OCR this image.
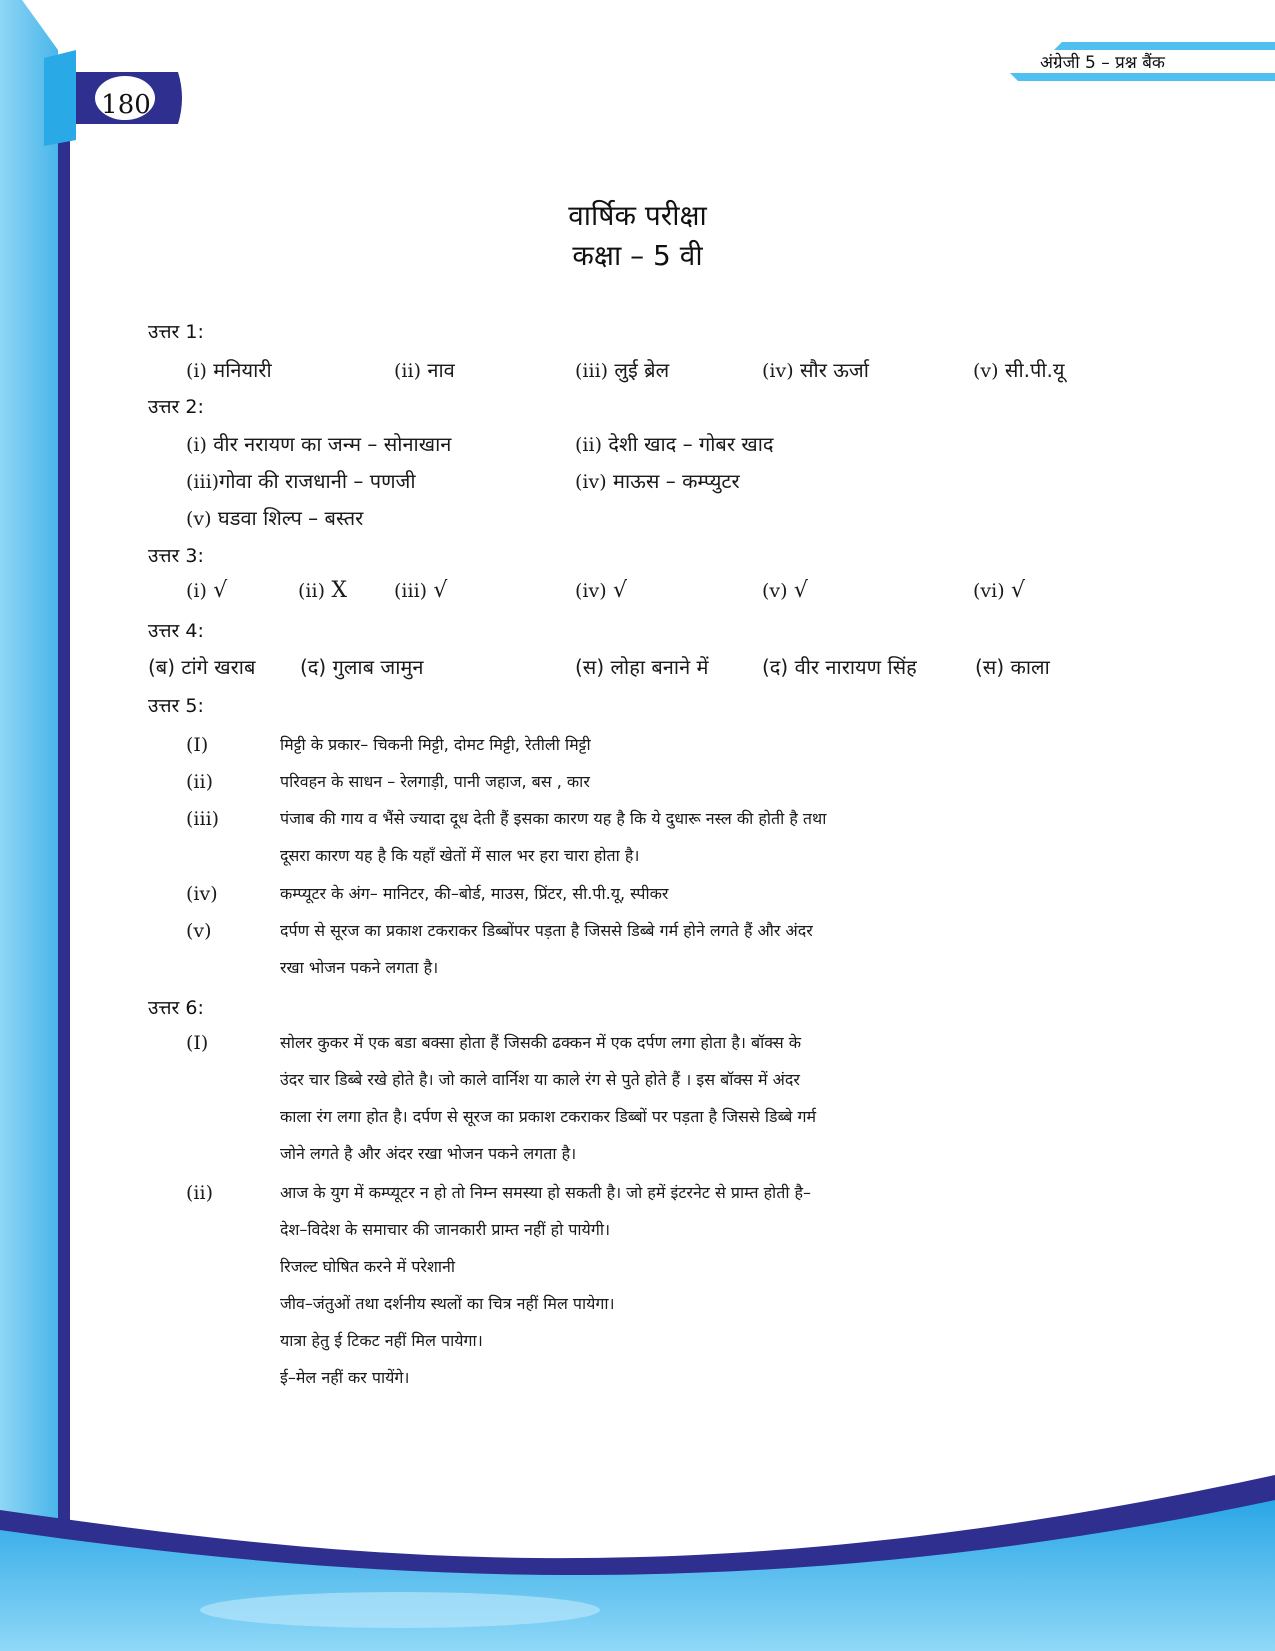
180
अंग्रेजी 5 – प्रश्न बैंक
वार्षिक परीक्षा
कक्षा – 5 वी
उत्तर 1:
(i) मनियारी	(ii) नाव	(iii) लुई ब्रेल	(iv) सौर ऊर्जा	(v) सी.पी.यू
उत्तर 2:
(i) वीर नरायण का जन्म – सोनाखान	(ii) देशी खाद – गोबर खाद
(iii)गोवा की राजधानी – पणजी	(iv) माऊस – कम्प्युटर
(v) घडवा शिल्प – बस्तर
उत्तर 3:
(i) √	(ii) X (iii) √	(iv) √	(v) √	(vi) √
उत्तर 4:
(ब) टांगे खराब (द) गुलाब जामुन	(स) लोहा बनाने में	(द) वीर नारायण सिंह	(स) काला
उत्तर 5:
(I)	मिट्टी के प्रकार– चिकनी मिट्टी, दोमट मिट्टी, रेतीली मिट्टी
(ii)	परिवहन के साधन – रेलगाड़ी, पानी जहाज, बस , कार
(iii)	पंजाब की गाय व भैंसे ज्यादा दूध देती हैं इसका कारण यह है कि ये दुधारू नस्ल की होती है तथा
दूसरा कारण यह है कि यहाँ खेतों में साल भर हरा चारा होता है।
(iv)	कम्प्यूटर के अंग– मानिटर, की–बोर्ड, माउस, प्रिंटर, सी.पी.यू, स्पीकर
(v)	दर्पण से सूरज का प्रकाश टकराकर डिब्बोंपर पड़ता है जिससे डिब्बे गर्म होने लगते हैं और अंदर
रखा भोजन पकने लगता है।
उत्तर 6:
(I)	सोलर कुकर में एक बडा बक्सा होता हैं जिसकी ढक्कन में एक दर्पण लगा होता है। बॉक्स के
उंदर चार डिब्बे रखे होते है। जो काले वार्निश या काले रंग से पुते होते हैं । इस बॉक्स में अंदर
काला रंग लगा होत है। दर्पण से सूरज का प्रकाश टकराकर डिब्बों पर पड़ता है जिससे डिब्बे गर्म
जोने लगते है और अंदर रखा भोजन पकने लगता है।
(ii)	आज के युग में कम्प्यूटर न हो तो निम्न समस्या हो सकती है। जो हमें इंटरनेट से प्राम्त होती है–
देश–विदेश के समाचार की जानकारी प्राम्त नहीं हो पायेगी।
रिजल्ट घोषित करने में परेशानी
जीव–जंतुओं तथा दर्शनीय स्थलों का चित्र नहीं मिल पायेगा।
यात्रा हेतु ई टिकट नहीं मिल पायेगा।
ई–मेल नहीं कर पायेंगे।
